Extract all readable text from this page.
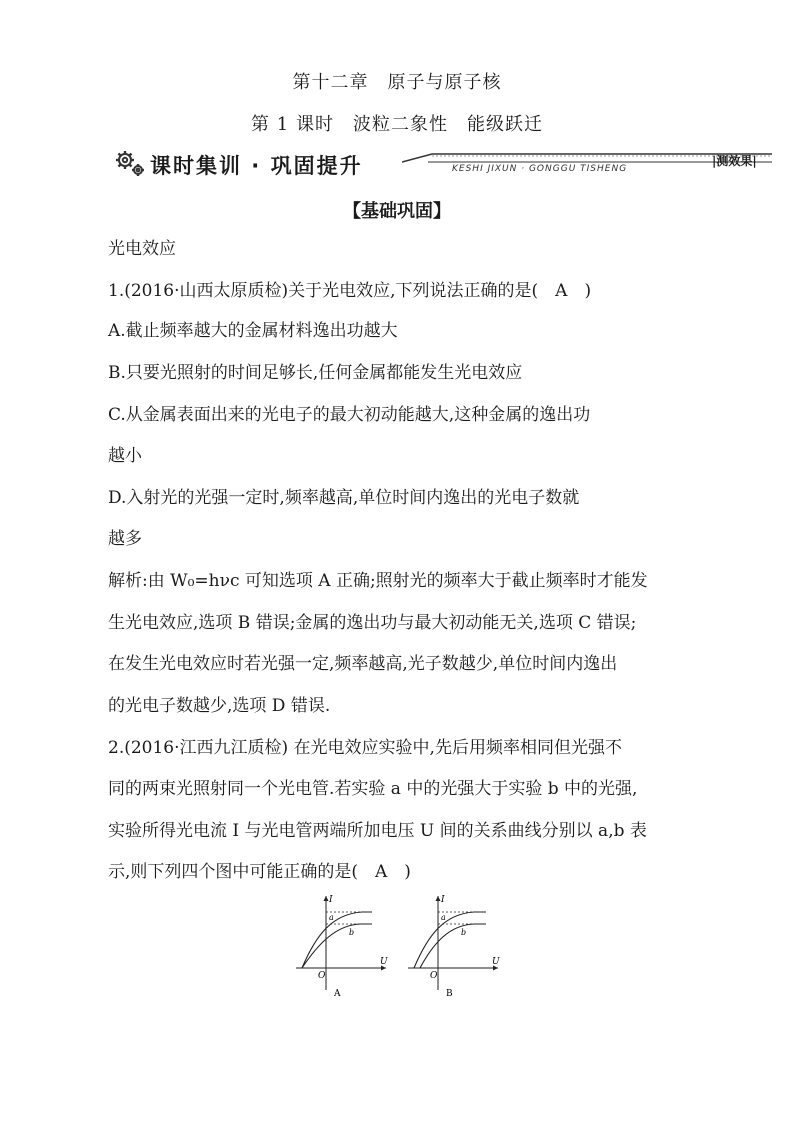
第十二章　原子与原子核
第 1 课时　波粒二象性　能级跃迁
课时集训 · 巩固提升	KESHI JIXUN · GONGGU TISHENG
|测效果|
【基础巩固】
光电效应
1.(2016·山西太原质检)关于光电效应,下列说法正确的是(　A　)
A.截止频率越大的金属材料逸出功越大
B.只要光照射的时间足够长,任何金属都能发生光电效应
C.从金属表面出来的光电子的最大初动能越大,这种金属的逸出功
越小
D.入射光的光强一定时,频率越高,单位时间内逸出的光电子数就
越多
解析:由 W₀=hνc 可知选项 A 正确;照射光的频率大于截止频率时才能发
生光电效应,选项 B 错误;金属的逸出功与最大初动能无关,选项 C 错误;
在发生光电效应时若光强一定,频率越高,光子数越少,单位时间内逸出
的光电子数越少,选项 D 错误.
2.(2016·江西九江质检) 在光电效应实验中,先后用频率相同但光强不
同的两束光照射同一个光电管.若实验 a 中的光强大于实验 b 中的光强,
实验所得光电流 I 与光电管两端所加电压 U 间的关系曲线分别以 a,b 表
示,则下列四个图中可能正确的是(　A　)
I
U
O
a
b
A
I
U
O
a
b
B
